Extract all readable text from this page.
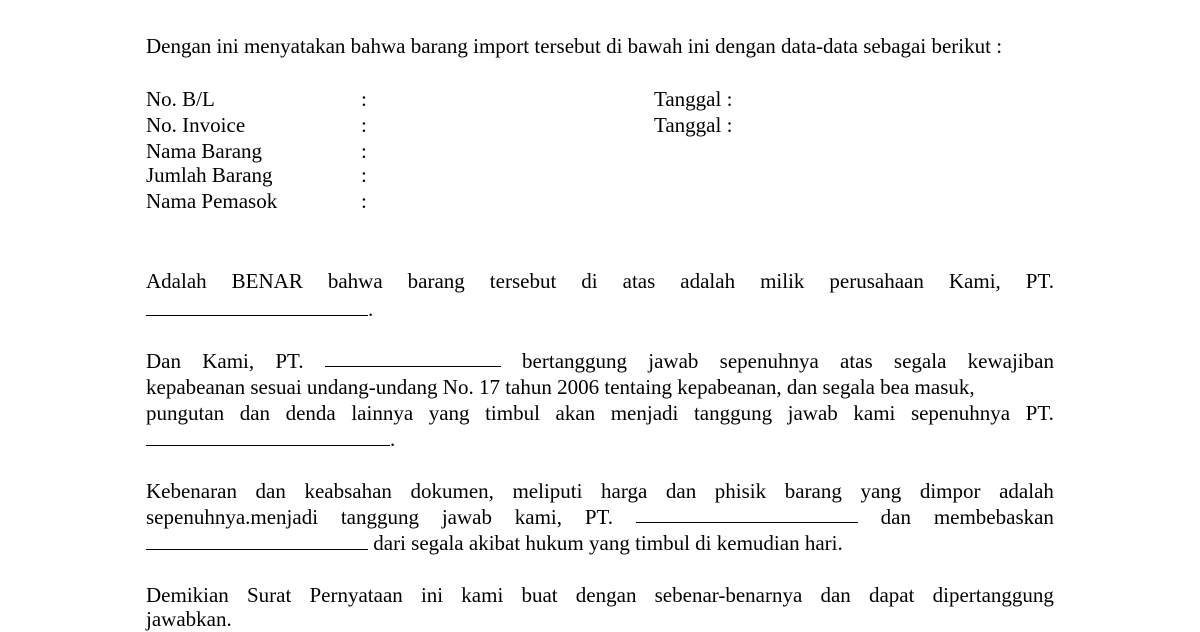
Dengan ini menyatakan bahwa barang import tersebut di bawah ini dengan data-data sebagai berikut :
No. B/L	:	Tanggal :
No. Invoice	:	Tanggal :
Nama Barang	:
Jumlah Barang	:
Nama Pemasok	:
Adalah BENAR bahwa barang tersebut di atas adalah milik perusahaan Kami, PT.
.
Dan Kami, PT.	bertanggung jawab sepenuhnya atas segala kewajiban
kepabeanan sesuai undang-undang No. 17 tahun 2006 tentaing kepabeanan, dan segala bea masuk,
pungutan dan denda lainnya yang timbul akan menjadi tanggung jawab kami sepenuhnya PT.
.
Kebenaran dan keabsahan dokumen, meliputi harga dan phisik barang yang dimpor adalah
sepenuhnya.menjadi tanggung jawab kami, PT.	dan membebaskan
dari segala akibat hukum yang timbul di kemudian hari.
Demikian Surat Pernyataan ini kami buat dengan sebenar-benarnya dan dapat dipertanggung
jawabkan.
